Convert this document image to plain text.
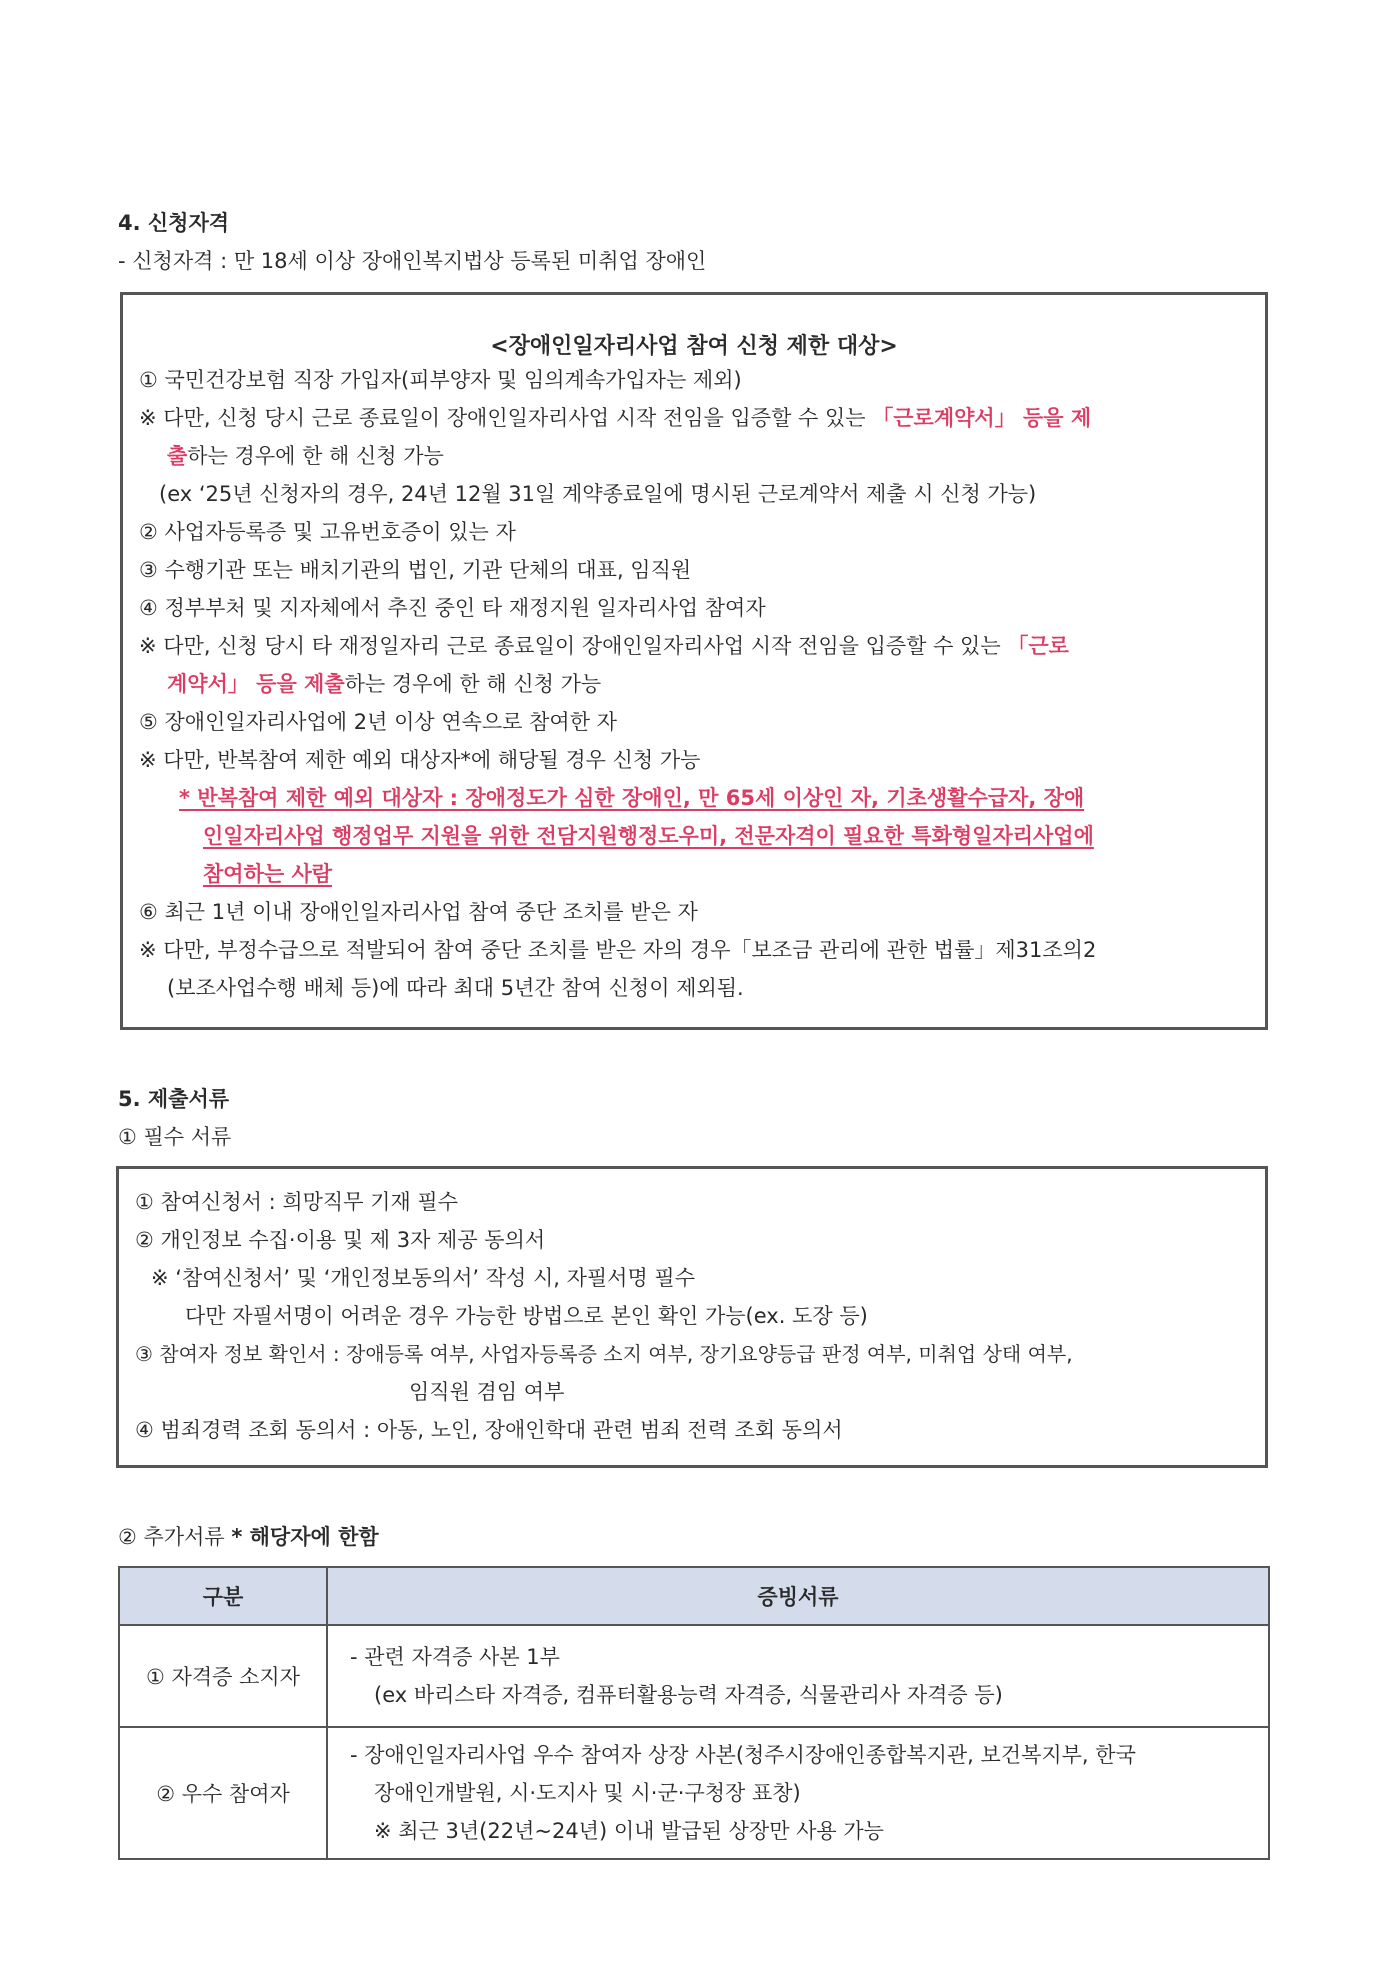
4. 신청자격
- 신청자격 : 만 18세 이상 장애인복지법상 등록된 미취업 장애인
<장애인일자리사업 참여 신청 제한 대상>
① 국민건강보험 직장 가입자(피부양자 및 임의계속가입자는 제외)
※ 다만, 신청 당시 근로 종료일이 장애인일자리사업 시작 전임을 입증할 수 있는 「근로계약서」 등을 제
출하는 경우에 한 해 신청 가능
(ex ‘25년 신청자의 경우, 24년 12월 31일 계약종료일에 명시된 근로계약서 제출 시 신청 가능)
② 사업자등록증 및 고유번호증이 있는 자
③ 수행기관 또는 배치기관의 법인, 기관 단체의 대표, 임직원
④ 정부부처 및 지자체에서 추진 중인 타 재정지원 일자리사업 참여자
※ 다만, 신청 당시 타 재정일자리 근로 종료일이 장애인일자리사업 시작 전임을 입증할 수 있는 「근로
계약서」 등을 제출하는 경우에 한 해 신청 가능
⑤ 장애인일자리사업에 2년 이상 연속으로 참여한 자
※ 다만, 반복참여 제한 예외 대상자*에 해당될 경우 신청 가능
* 반복참여 제한 예외 대상자 : 장애정도가 심한 장애인, 만 65세 이상인 자, 기초생활수급자, 장애
인일자리사업 행정업무 지원을 위한 전담지원행정도우미, 전문자격이 필요한 특화형일자리사업에
참여하는 사람
⑥ 최근 1년 이내 장애인일자리사업 참여 중단 조치를 받은 자
※ 다만, 부정수급으로 적발되어 참여 중단 조치를 받은 자의 경우「보조금 관리에 관한 법률」제31조의2
(보조사업수행 배체 등)에 따라 최대 5년간 참여 신청이 제외됨.
5. 제출서류
① 필수 서류
① 참여신청서 : 희망직무 기재 필수
② 개인정보 수집·이용 및 제 3자 제공 동의서
※ ‘참여신청서’ 및 ‘개인정보동의서’ 작성 시, 자필서명 필수
다만 자필서명이 어려운 경우 가능한 방법으로 본인 확인 가능(ex. 도장 등)
③ 참여자 정보 확인서 : 장애등록 여부, 사업자등록증 소지 여부, 장기요양등급 판정 여부, 미취업 상태 여부,
임직원 겸임 여부
④ 범죄경력 조회 동의서 : 아동, 노인, 장애인학대 관련 범죄 전력 조회 동의서
② 추가서류 * 해당자에 한함
구분	증빙서류
① 자격증 소지자	- 관련 자격증 사본 1부
(ex 바리스타 자격증, 컴퓨터활용능력 자격증, 식물관리사 자격증 등)

② 우수 참여자	- 장애인일자리사업 우수 참여자 상장 사본(청주시장애인종합복지관, 보건복지부, 한국
장애인개발원, 시·도지사 및 시·군·구청장 표창)
※ 최근 3년(22년~24년) 이내 발급된 상장만 사용 가능
